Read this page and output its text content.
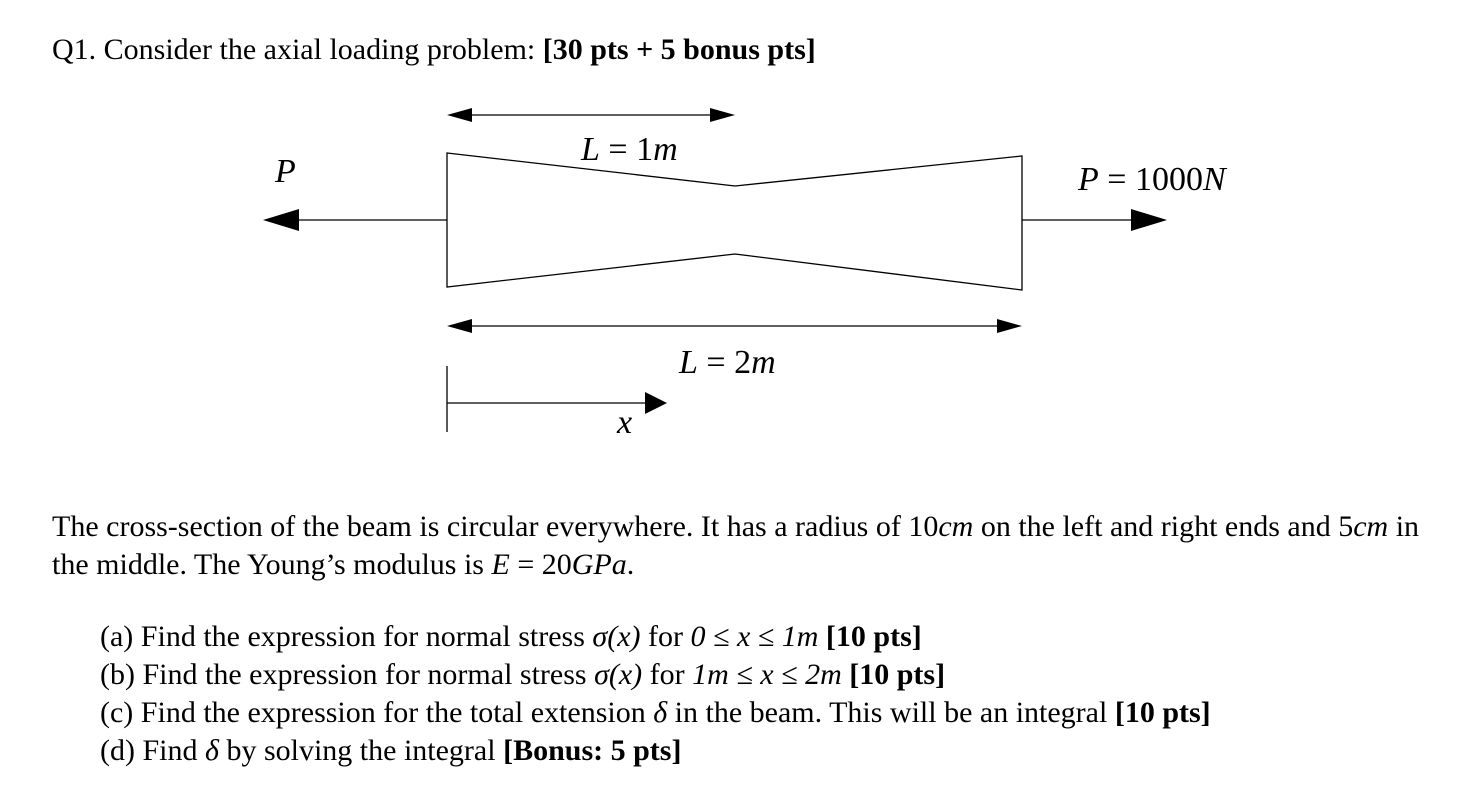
Q1. Consider the axial loading problem: [30 pts + 5 bonus pts]
P	P = 1000N
L = 1m
L = 2m
x
The cross-section of the beam is circular everywhere. It has a radius of 10cm on the left and right ends and 5cm in the middle. The Young’s modulus is E = 20GPa.
(a) Find the expression for normal stress σ(x) for 0 ≤ x ≤ 1m [10 pts]
(b) Find the expression for normal stress σ(x) for 1m ≤ x ≤ 2m [10 pts]
(c) Find the expression for the total extension δ in the beam. This will be an integral [10 pts]
(d) Find δ by solving the integral [Bonus: 5 pts]
